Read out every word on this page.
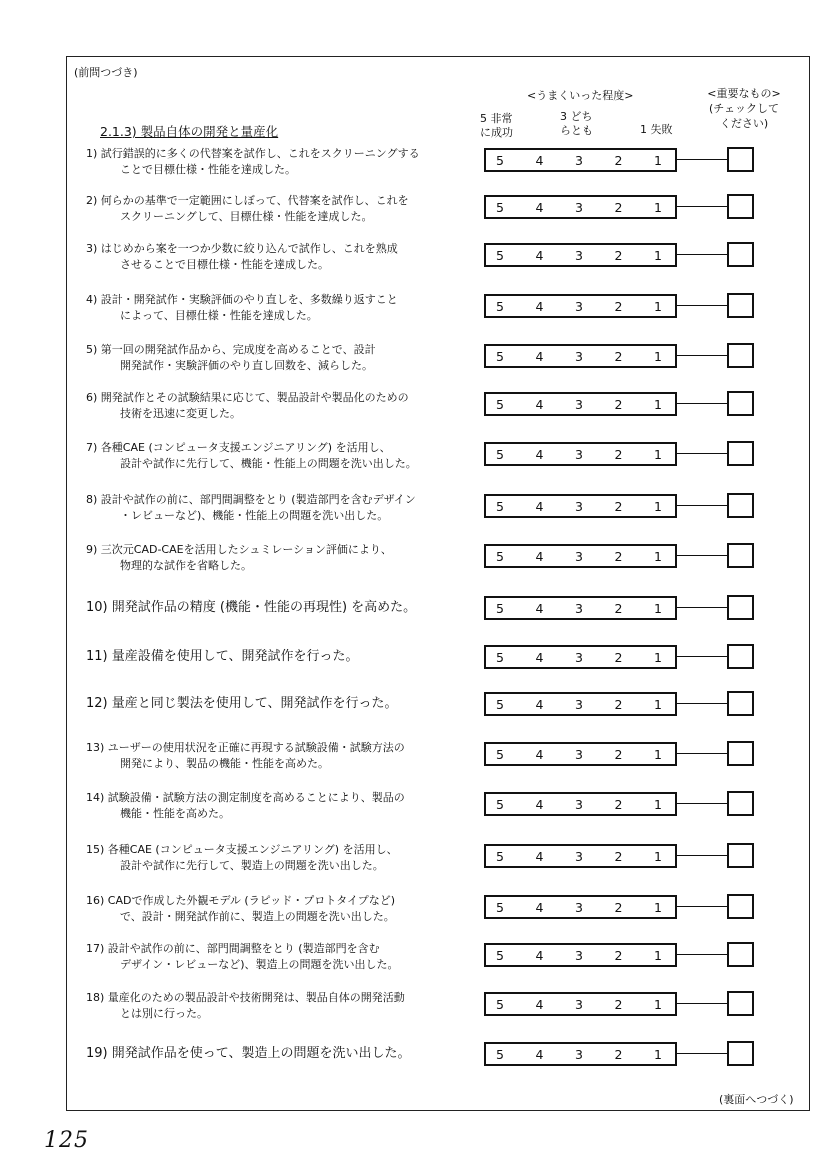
(前問つづき)
<うまくいった程度>	<重要なもの>
(チェックして
ください)
2.1.3) 製品自体の開発と量産化
5 非常
に成功
3 どち
らとも	1 失敗
1) 試行錯誤的に多くの代替案を試作し、これをスクリーニングする
ことで目標仕様・性能を達成した。
5	4	3	2	1
2) 何らかの基準で一定範囲にしぼって、代替案を試作し、これを
スクリーニングして、目標仕様・性能を達成した。
5	4	3	2	1
3) はじめから案を一つか少数に絞り込んで試作し、これを熟成
させることで目標仕様・性能を達成した。
5	4	3	2	1
4) 設計・開発試作・実験評価のやり直しを、多数繰り返すこと
によって、目標仕様・性能を達成した。
5	4	3	2	1
5) 第一回の開発試作品から、完成度を高めることで、設計
開発試作・実験評価のやり直し回数を、減らした。
5	4	3	2	1
6) 開発試作とその試験結果に応じて、製品設計や製品化のための
技術を迅速に変更した。
5	4	3	2	1
7) 各種CAE (コンピュータ支援エンジニアリング) を活用し、
設計や試作に先行して、機能・性能上の問題を洗い出した。
5	4	3	2	1
8) 設計や試作の前に、部門間調整をとり (製造部門を含むデザイン
・レビューなど)、機能・性能上の問題を洗い出した。
5	4	3	2	1
9) 三次元CAD-CAEを活用したシュミレーション評価により、
物理的な試作を省略した。
5	4	3	2	1
10) 開発試作品の精度 (機能・性能の再現性) を高めた。	5	4	3	2	1
11) 量産設備を使用して、開発試作を行った。	5	4	3	2	1
12) 量産と同じ製法を使用して、開発試作を行った。	5	4	3	2	1
13) ユーザーの使用状況を正確に再現する試験設備・試験方法の
開発により、製品の機能・性能を高めた。
5	4	3	2	1
14) 試験設備・試験方法の測定制度を高めることにより、製品の
機能・性能を高めた。
5	4	3	2	1
15) 各種CAE (コンピュータ支援エンジニアリング) を活用し、
設計や試作に先行して、製造上の問題を洗い出した。
5	4	3	2	1
16) CADで作成した外観モデル (ラピッド・プロトタイプなど)
で、設計・開発試作前に、製造上の問題を洗い出した。
5	4	3	2	1
17) 設計や試作の前に、部門間調整をとり (製造部門を含む
デザイン・レビューなど)、製造上の問題を洗い出した。
5	4	3	2	1
18) 量産化のための製品設計や技術開発は、製品自体の開発活動
とは別に行った。
5	4	3	2	1
19) 開発試作品を使って、製造上の問題を洗い出した。	5	4	3	2	1
(裏面へつづく)
125
